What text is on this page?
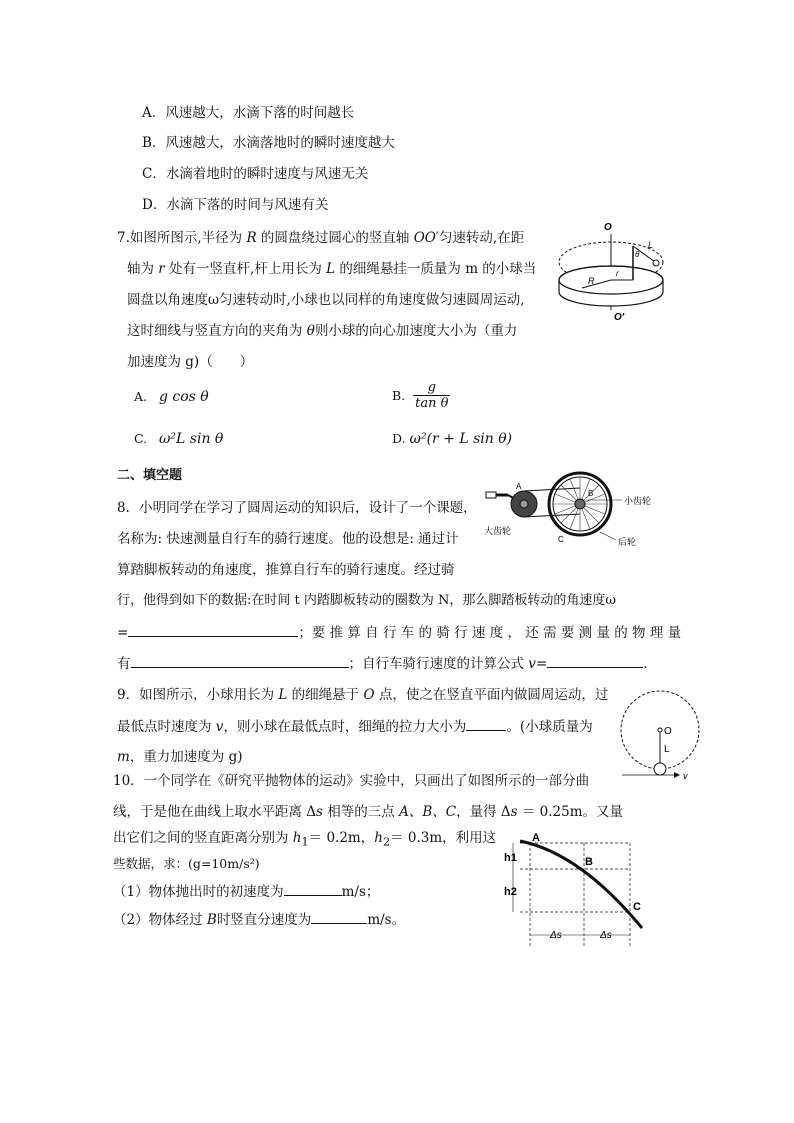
A．风速越大，水滴下落的时间越长
B．风速越大，水滴落地时的瞬时速度越大
C．水滴着地时的瞬时速度与风速无关
D．水滴下落的时间与风速有关
7.如图所图示,半径为 R 的圆盘绕过圆心的竖直轴 OO′匀速转动,在距
轴为 r 处有一竖直杆,杆上用长为 L 的细绳悬挂一质量为 m 的小球当
圆盘以角速度ω匀速转动时,小球也以同样的角速度做匀速圆周运动,
这时细线与竖直方向的夹角为 θ则小球的向心加速度大小为（重力
加速度为 g)（　　）
A. g cos θ	B. $\frac{g}{\text{tan θ}}$
C. ω²L sin θ	D. ω²(r + L sin θ)
O
O′
R
r
θ
L
二、填空题
8．小明同学在学习了圆周运动的知识后，设计了一个课题，
名称为: 快速测量自行车的骑行速度。他的设想是: 通过计
算踏脚板转动的角速度，推算自行车的骑行速度。经过骑
行，他得到如下的数据:在时间 t 内踏脚板转动的圈数为 N，那么脚踏板转动的角速度ω
=	；要 推 算 自 行 车 的 骑 行 速 度 ， 还 需 要 测 量 的 物 理 量
有	；自行车骑行速度的计算公式 v=	.
A
B
C
大齿轮
小齿轮
后轮
9．如图所示，小球用长为 L 的细绳悬于 O 点，使之在竖直平面内做圆周运动，过
最低点时速度为 v，则小球在最低点时，细绳的拉力大小为	。(小球质量为
m，重力加速度为 g)
O
L
v
10．一个同学在《研究平抛物体的运动》实验中，只画出了如图所示的一部分曲
线，于是他在曲线上取水平距离 Δs 相等的三点 A、B、C，量得 Δs ＝ 0.25m。又量
出它们之间的竖直距离分别为 $h_1= 0.2m$，$h_2= 0.3m$，利用这
些数据，求：(g=10m/s²)
（1）物体抛出时的初速度为	m/s；
（2）物体经过 B时竖直分速度为	m/s。
A
B
C
h1
h2
Δs	Δs
